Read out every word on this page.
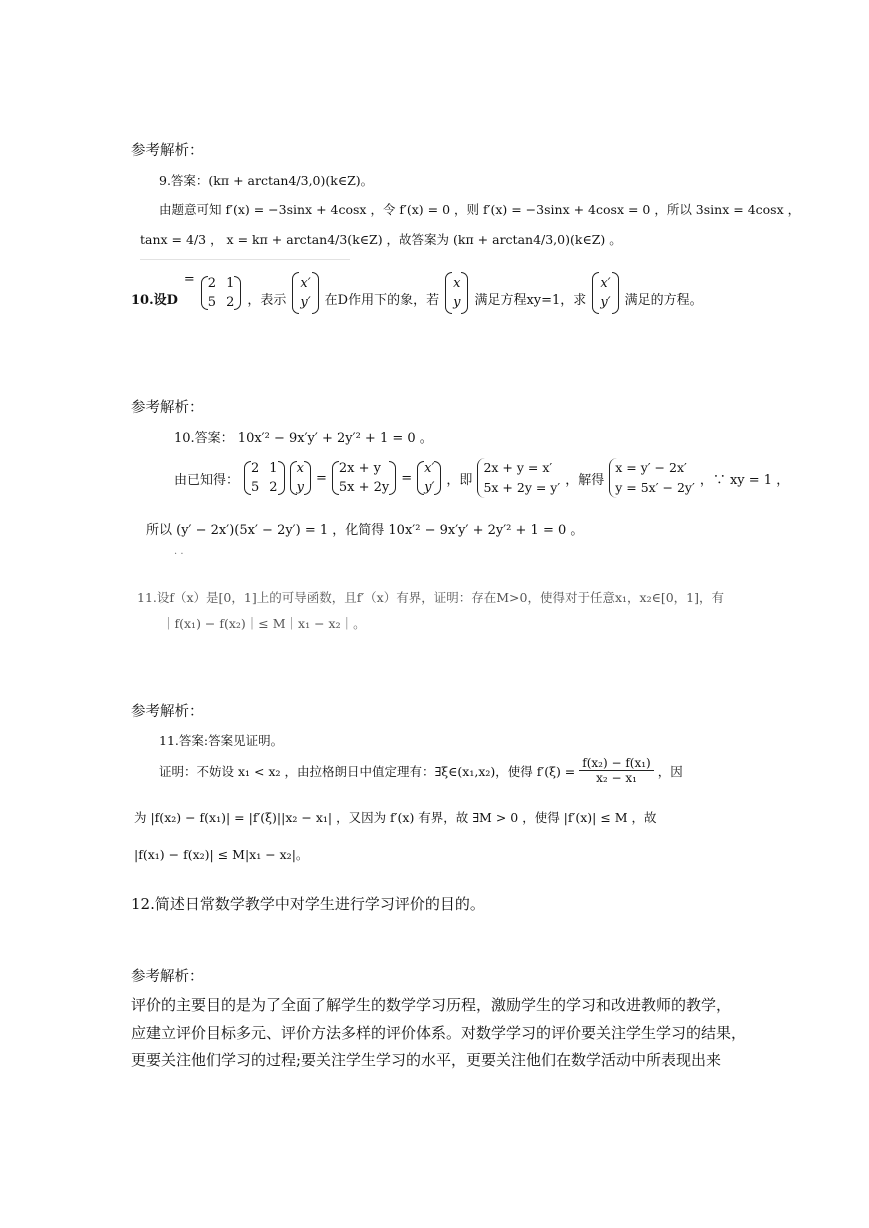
参考解析：
9.答案：(kπ + arctan4/3,0)(k∈Z)。
由题意可知 f′(x) = −3sinx + 4cosx ，令 f′(x) = 0 ，则 f′(x) = −3sinx + 4cosx = 0 ，所以 3sinx = 4cosx ，
tanx = 4/3 ， x = kπ + arctan4/3(k∈Z) ，故答案为 (kπ + arctan4/3,0)(k∈Z) 。
10.设D
= 2 1
5 2 ，表示
x′
y′ 在D作用下的象，若
x
y 满足方程xy=1，求
x′
y′ 满足的方程。
参考解析：
10.答案： 10x′² − 9x′y′ + 2y′² + 1 = 0 。
由已知得：
2 1
5 2
x
y
=
2x + y
5x + 2y
=
x′
y′ ，即
2x + y = x′
5x + 2y = y′ ，解得
x = y′ − 2x′
y = 5x′ − 2y′ ，∵ xy = 1 ，
所以 (y′ − 2x′)(5x′ − 2y′) = 1 ，化简得 10x′² − 9x′y′ + 2y′² + 1 = 0 。
· ·
11.设f（x）是[0，1]上的可导函数，且f′（x）有界，证明：存在M>0，使得对于任意x₁，x₂∈[0，1]，有
｜f(x₁) − f(x₂)｜≤ M｜x₁ − x₂｜。
参考解析：
11.答案:答案见证明。
证明：不妨设 x₁ < x₂ ，由拉格朗日中值定理有：∃ξ∈(x₁,x₂)，使得 $f'(\xi) = \frac{\text{f(x₂) − f(x₁)}}{\text{x₂ − x₁}}$ ，因
为 |f(x₂) − f(x₁)| = |f′(ξ)||x₂ − x₁| ，又因为 f′(x) 有界，故 ∃M > 0 ，使得 |f′(x)| ≤ M ，故
|f(x₁) − f(x₂)| ≤ M|x₁ − x₂|。
12.简述日常数学教学中对学生进行学习评价的目的。
参考解析：
评价的主要目的是为了全面了解学生的数学学习历程，激励学生的学习和改进教师的教学，
应建立评价目标多元、评价方法多样的评价体系。对数学学习的评价要关注学生学习的结果，
更要关注他们学习的过程;要关注学生学习的水平，更要关注他们在数学活动中所表现出来
